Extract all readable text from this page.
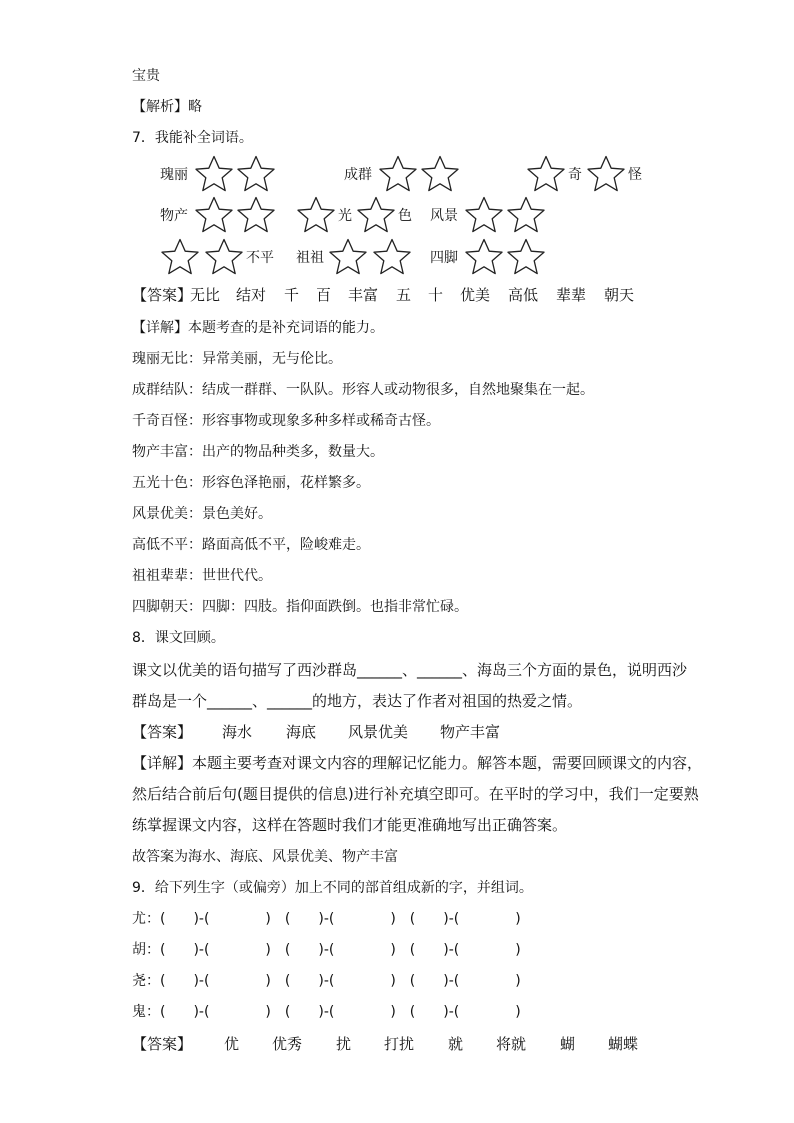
宝贵
【解析】略
7．我能补全词语。
瑰丽	成群	奇	怪
物产	光	色 风景
不平 祖祖	四脚
【答案】
无比 结对 千 百 丰富 五 十 优美 高低 辈辈 朝天
【详解】本题考查的是补充词语的能力。
瑰丽无比：异常美丽，无与伦比。
成群结队：结成一群群、一队队。形容人或动物很多，自然地聚集在一起。
千奇百怪：形容事物或现象多种多样或稀奇古怪。
物产丰富：出产的物品种类多，数量大。
五光十色：形容色泽艳丽，花样繁多。
风景优美：景色美好。
高低不平：路面高低不平，险峻难走。
祖祖辈辈：世世代代。
四脚朝天：四脚：四肢。指仰面跌倒。也指非常忙碌。
8．课文回顾。
课文以优美的语句描写了西沙群岛______、______、海岛三个方面的景色，说明西沙
群岛是一个______、______的地方，表达了作者对祖国的热爱之情。
【答案】 海水 海底 风景优美 物产丰富
【详解】本题主要考查对课文内容的理解记忆能力。解答本题，需要回顾课文的内容，
然后结合前后句(题目提供的信息)进行补充填空即可。在平时的学习中，我们一定要熟
练掌握课文内容，这样在答题时我们才能更准确地写出正确答案。
故答案为海水、海底、风景优美、物产丰富
9．给下列生字（或偏旁）加上不同的部首组成新的字，并组词。
尤 ：(　　)-(　　　　)　(　　)-(　　　　)　(　　)-(　　　　)
胡 ：(　　)-(　　　　)　(　　)-(　　　　)　(　　)-(　　　　)
尧 ：(　　)-(　　　　)　(　　)-(　　　　)　(　　)-(　　　　)
鬼 ：(　　)-(　　　　)　(　　)-(　　　　)　(　　)-(　　　　)
【答案】 优 优秀 扰 打扰 就 将就 蝴 蝴蝶
